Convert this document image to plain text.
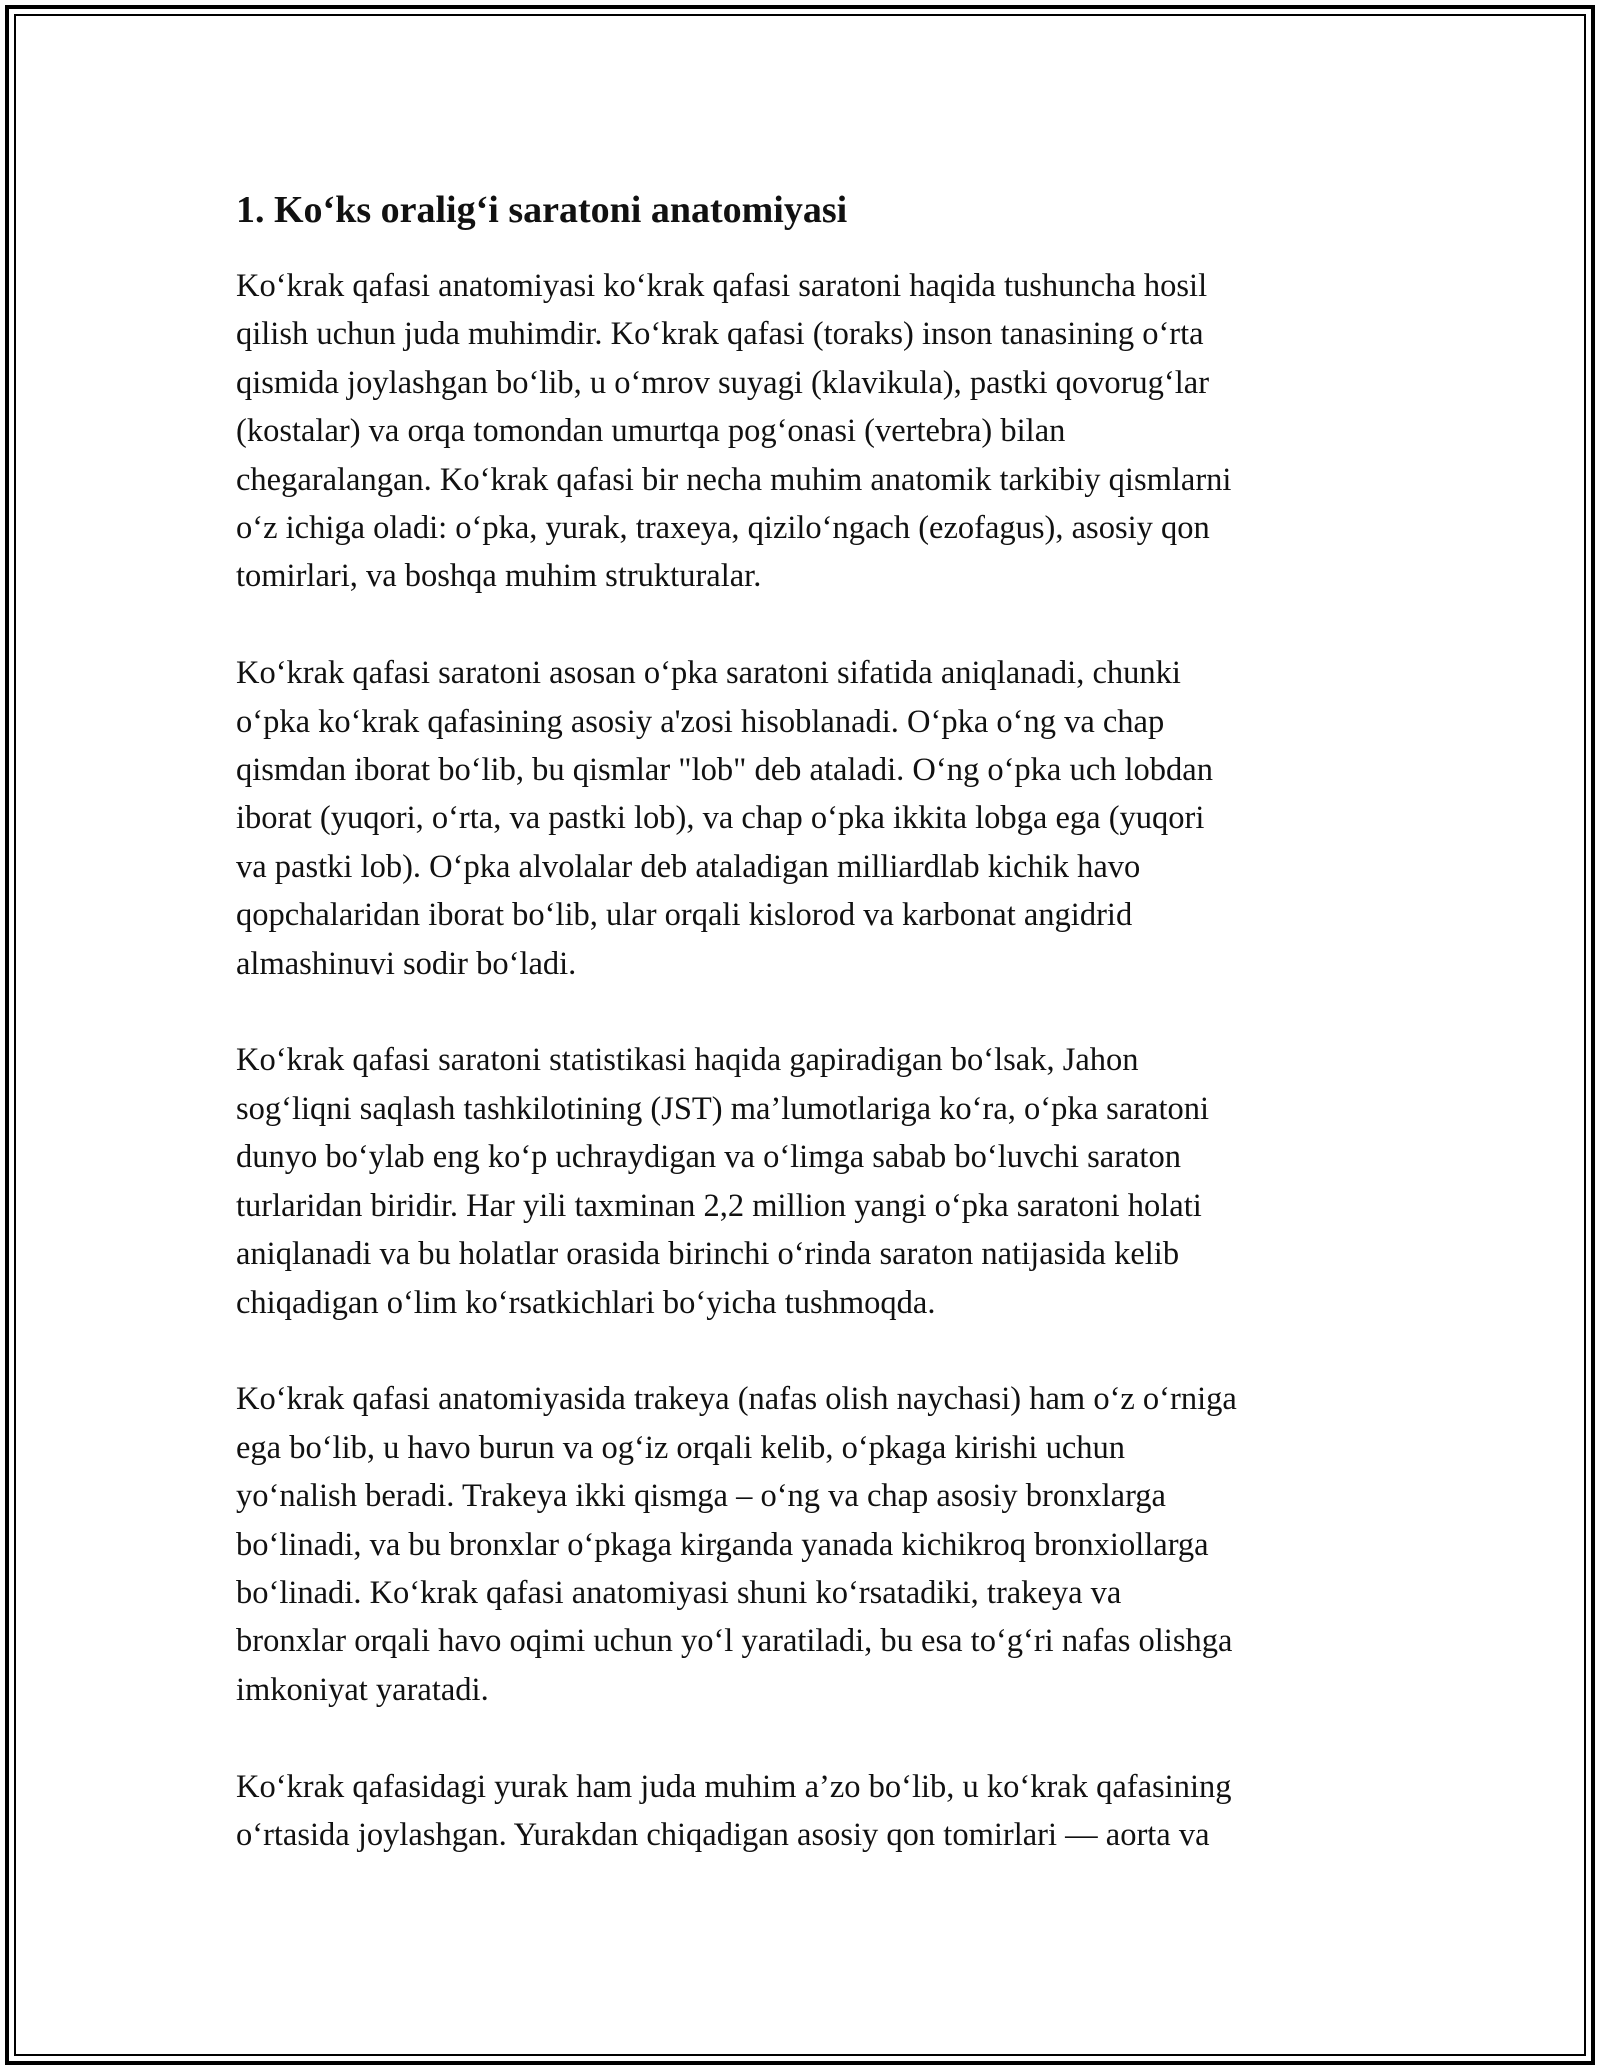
1. Ko‘ks oralig‘i saratoni anatomiyasi

Ko‘krak qafasi anatomiyasi ko‘krak qafasi saratoni haqida tushuncha hosil
qilish uchun juda muhimdir. Ko‘krak qafasi (toraks) inson tanasining o‘rta
qismida joylashgan bo‘lib, u o‘mrov suyagi (klavikula), pastki qovorug‘lar
(kostalar) va orqa tomondan umurtqa pog‘onasi (vertebra) bilan
chegaralangan. Ko‘krak qafasi bir necha muhim anatomik tarkibiy qismlarni
o‘z ichiga oladi: o‘pka, yurak, traxeya, qizilo‘ngach (ezofagus), asosiy qon
tomirlari, va boshqa muhim strukturalar.

Ko‘krak qafasi saratoni asosan o‘pka saratoni sifatida aniqlanadi, chunki
o‘pka ko‘krak qafasining asosiy a'zosi hisoblanadi. O‘pka o‘ng va chap
qismdan iborat bo‘lib, bu qismlar "lob" deb ataladi. O‘ng o‘pka uch lobdan
iborat (yuqori, o‘rta, va pastki lob), va chap o‘pka ikkita lobga ega (yuqori
va pastki lob). O‘pka alvolalar deb ataladigan milliardlab kichik havo
qopchalaridan iborat bo‘lib, ular orqali kislorod va karbonat angidrid
almashinuvi sodir bo‘ladi.

Ko‘krak qafasi saratoni statistikasi haqida gapiradigan bo‘lsak, Jahon
sog‘liqni saqlash tashkilotining (JST) ma’lumotlariga ko‘ra, o‘pka saratoni
dunyo bo‘ylab eng ko‘p uchraydigan va o‘limga sabab bo‘luvchi saraton
turlaridan biridir. Har yili taxminan 2,2 million yangi o‘pka saratoni holati
aniqlanadi va bu holatlar orasida birinchi o‘rinda saraton natijasida kelib
chiqadigan o‘lim ko‘rsatkichlari bo‘yicha tushmoqda.

Ko‘krak qafasi anatomiyasida trakeya (nafas olish naychasi) ham o‘z o‘rniga
ega bo‘lib, u havo burun va og‘iz orqali kelib, o‘pkaga kirishi uchun
yo‘nalish beradi. Trakeya ikki qismga – o‘ng va chap asosiy bronxlarga
bo‘linadi, va bu bronxlar o‘pkaga kirganda yanada kichikroq bronxiollarga
bo‘linadi. Ko‘krak qafasi anatomiyasi shuni ko‘rsatadiki, trakeya va
bronxlar orqali havo oqimi uchun yo‘l yaratiladi, bu esa to‘g‘ri nafas olishga
imkoniyat yaratadi.

Ko‘krak qafasidagi yurak ham juda muhim a’zo bo‘lib, u ko‘krak qafasining
o‘rtasida joylashgan. Yurakdan chiqadigan asosiy qon tomirlari — aorta va
